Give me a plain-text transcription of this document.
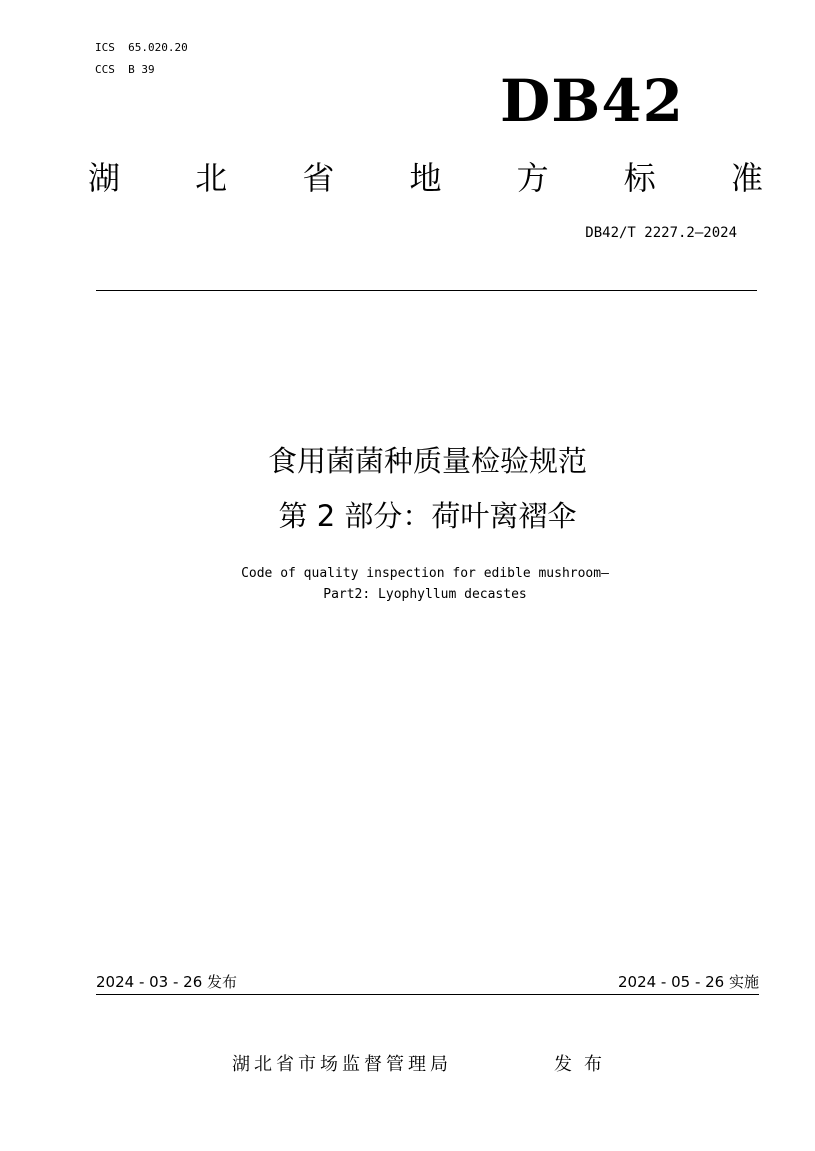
ICS  65.020.20
CCS  B 39	DB42
湖 北 省 地 方 标 准
DB42/T 2227.2—2024
食用菌菌种质量检验规范
第 2 部分：荷叶离褶伞
Code of quality inspection for edible mushroom—
Part2: Lyophyllum decastes
2024 - 03 - 26 发布	2024 - 05 - 26 实施
湖北省市场监督管理局	发布
